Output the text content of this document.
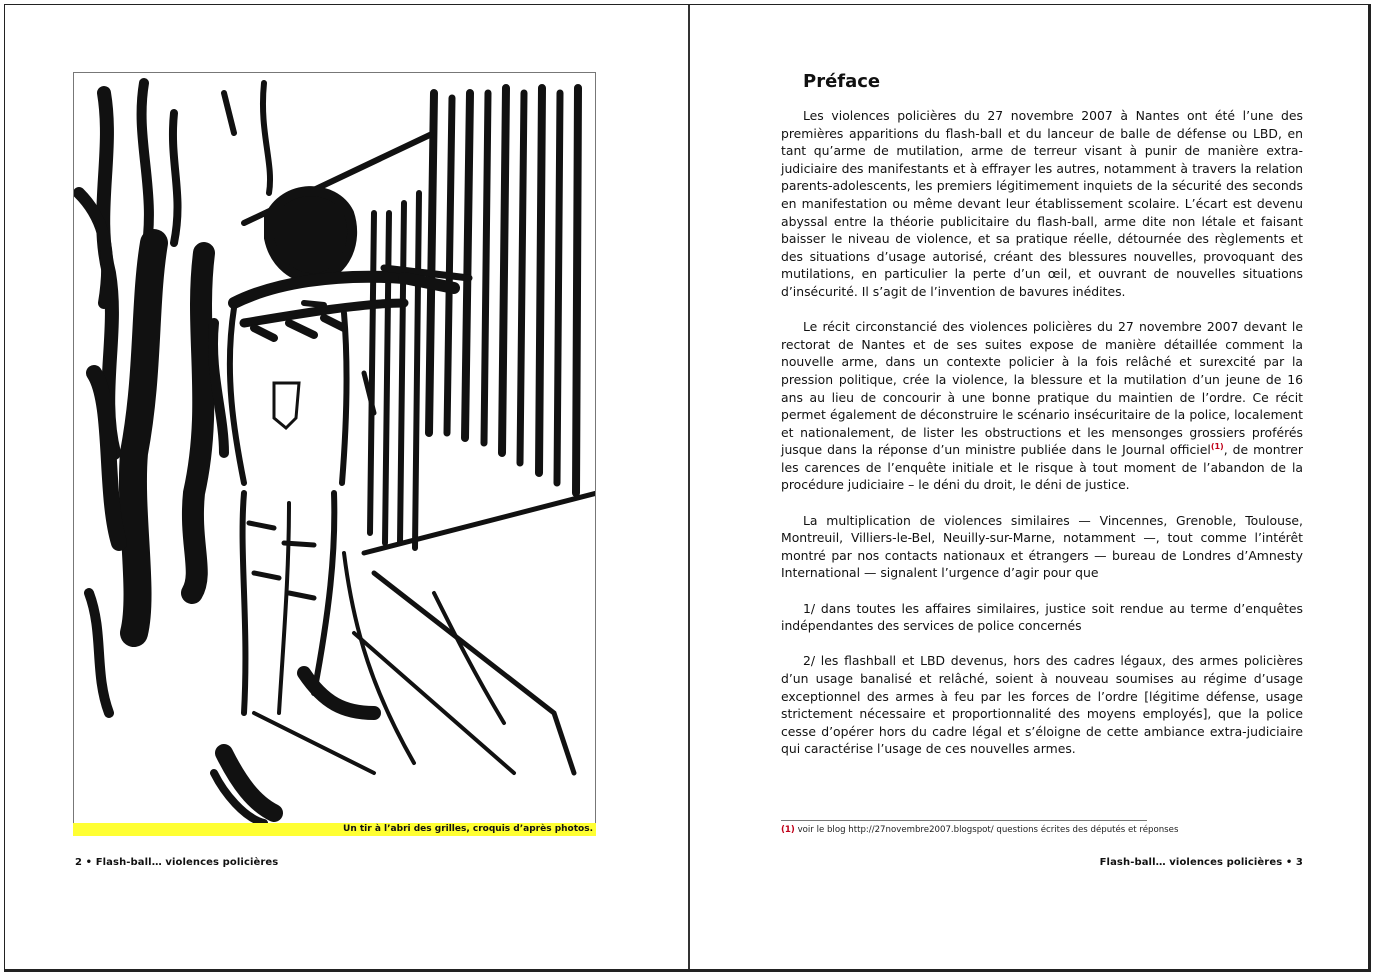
Un tir à l’abri des grilles, croquis d’après photos.
2 • Flash-ball… violences policières
Préface

Les violences policières du 27 novembre 2007 à Nantes ont été l’une des premières apparitions du flash-ball et du lanceur de balle de défense ou LBD, en tant qu’arme de mutilation, arme de terreur visant à punir de manière extra-judiciaire des manifestants et à effrayer les autres, notamment à travers la relation parents-adolescents, les premiers légitimement inquiets de la sécurité des seconds en manifestation ou même devant leur établissement scolaire. L’écart est devenu abyssal entre la théorie publicitaire du flash-ball, arme dite non létale et faisant baisser le niveau de violence, et sa pratique réelle, détournée des règlements et des situations d’usage autorisé, créant des blessures nouvelles, provoquant des mutilations, en particulier la perte d’un œil, et ouvrant de nouvelles situations d’insécurité. Il s’agit de l’invention de bavures inédites.

Le récit circonstancié des violences policières du 27 novembre 2007 devant le rectorat de Nantes et de ses suites expose de manière détaillée comment la nouvelle arme, dans un contexte policier à la fois relâché et surexcité par la pression politique, crée la violence, la blessure et la mutilation d’un jeune de 16 ans au lieu de concourir à une bonne pratique du maintien de l’ordre. Ce récit permet également de déconstruire le scénario insécuritaire de la police, localement et nationalement, de lister les obstructions et les mensonges grossiers proférés jusque dans la réponse d’un ministre publiée dans le Journal officiel$^{(1)}$, de montrer les carences de l’enquête initiale et le risque à tout moment de l’abandon de la procédure judiciaire – le déni du droit, le déni de justice.

La multiplication de violences similaires — Vincennes, Grenoble, Toulouse, Montreuil, Villiers-le-Bel, Neuilly-sur-Marne, notamment —, tout comme l’intérêt montré par nos contacts nationaux et étrangers — bureau de Londres d’Amnesty International — signalent l’urgence d’agir pour que

1/ dans toutes les affaires similaires, justice soit rendue au terme d’enquêtes indépendantes des services de police concernés

2/ les flashball et LBD devenus, hors des cadres légaux, des armes policières d’un usage banalisé et relâché, soient à nouveau soumises au régime d’usage exceptionnel des armes à feu par les forces de l’ordre [légitime défense, usage strictement nécessaire et proportionnalité des moyens employés], que la police cesse d’opérer hors du cadre légal et s’éloigne de cette ambiance extra-judiciaire qui caractérise l’usage de ces nouvelles armes.

(1) voir le blog http://27novembre2007.blogspot/ questions écrites des députés et réponses
Flash-ball… violences policières • 3
